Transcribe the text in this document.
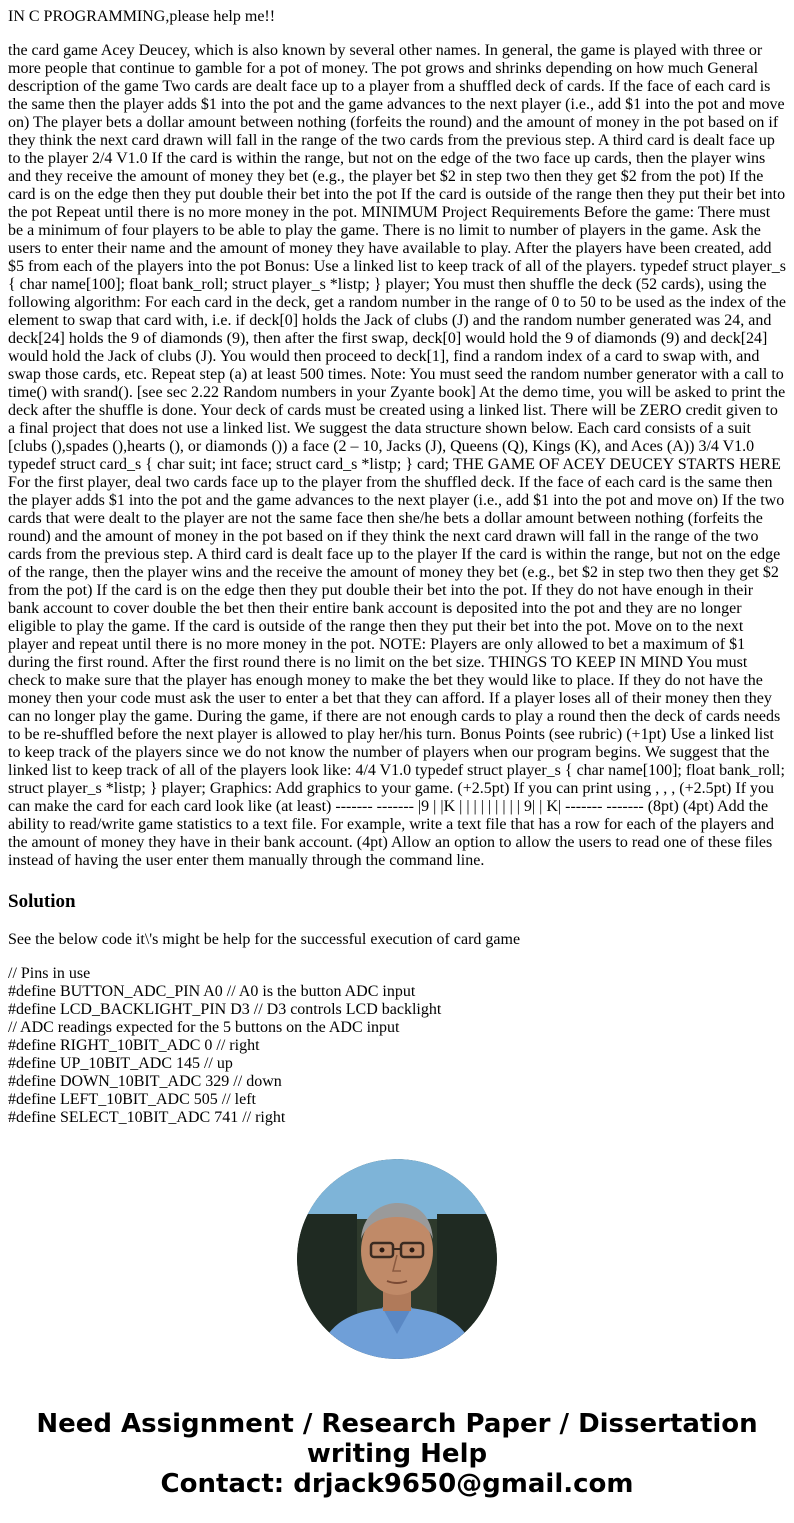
IN C PROGRAMMING,please help me!!

the card game Acey Deucey, which is also known by several other names. In general, the game is played with three or more people that continue to gamble for a pot of money. The pot grows and shrinks depending on how much General description of the game Two cards are dealt face up to a player from a shuffled deck of cards. If the face of each card is the same then the player adds $1 into the pot and the game advances to the next player (i.e., add $1 into the pot and move on) The player bets a dollar amount between nothing (forfeits the round) and the amount of money in the pot based on if they think the next card drawn will fall in the range of the two cards from the previous step. A third card is dealt face up to the player 2/4 V1.0 If the card is within the range, but not on the edge of the two face up cards, then the player wins and they receive the amount of money they bet (e.g., the player bet $2 in step two then they get $2 from the pot) If the card is on the edge then they put double their bet into the pot If the card is outside of the range then they put their bet into the pot Repeat until there is no more money in the pot. MINIMUM Project Requirements Before the game: There must be a minimum of four players to be able to play the game. There is no limit to number of players in the game. Ask the users to enter their name and the amount of money they have available to play. After the players have been created, add $5 from each of the players into the pot Bonus: Use a linked list to keep track of all of the players. typedef struct player_s { char name[100]; float bank_roll; struct player_s *listp; } player; You must then shuffle the deck (52 cards), using the following algorithm: For each card in the deck, get a random number in the range of 0 to 50 to be used as the index of the element to swap that card with, i.e. if deck[0] holds the Jack of clubs (J) and the random number generated was 24, and deck[24] holds the 9 of diamonds (9), then after the first swap, deck[0] would hold the 9 of diamonds (9) and deck[24] would hold the Jack of clubs (J). You would then proceed to deck[1], find a random index of a card to swap with, and swap those cards, etc. Repeat step (a) at least 500 times. Note: You must seed the random number generator with a call to time() with srand(). [see sec 2.22 Random numbers in your Zyante book] At the demo time, you will be asked to print the deck after the shuffle is done. Your deck of cards must be created using a linked list. There will be ZERO credit given to a final project that does not use a linked list. We suggest the data structure shown below. Each card consists of a suit [clubs (),spades (),hearts (), or diamonds ()) a face (2 – 10, Jacks (J), Queens (Q), Kings (K), and Aces (A)) 3/4 V1.0 typedef struct card_s { char suit; int face; struct card_s *listp; } card; THE GAME OF ACEY DEUCEY STARTS HERE For the first player, deal two cards face up to the player from the shuffled deck. If the face of each card is the same then the player adds $1 into the pot and the game advances to the next player (i.e., add $1 into the pot and move on) If the two cards that were dealt to the player are not the same face then she/he bets a dollar amount between nothing (forfeits the round) and the amount of money in the pot based on if they think the next card drawn will fall in the range of the two cards from the previous step. A third card is dealt face up to the player If the card is within the range, but not on the edge of the range, then the player wins and the receive the amount of money they bet (e.g., bet $2 in step two then they get $2 from the pot) If the card is on the edge then they put double their bet into the pot. If they do not have enough in their bank account to cover double the bet then their entire bank account is deposited into the pot and they are no longer eligible to play the game. If the card is outside of the range then they put their bet into the pot. Move on to the next player and repeat until there is no more money in the pot. NOTE: Players are only allowed to bet a maximum of $1 during the first round. After the first round there is no limit on the bet size. THINGS TO KEEP IN MIND You must check to make sure that the player has enough money to make the bet they would like to place. If they do not have the money then your code must ask the user to enter a bet that they can afford. If a player loses all of their money then they can no longer play the game. During the game, if there are not enough cards to play a round then the deck of cards needs to be re-shuffled before the next player is allowed to play her/his turn. Bonus Points (see rubric) (+1pt) Use a linked list to keep track of the players since we do not know the number of players when our program begins. We suggest that the linked list to keep track of all of the players look like: 4/4 V1.0 typedef struct player_s { char name[100]; float bank_roll; struct player_s *listp; } player; Graphics: Add graphics to your game. (+2.5pt) If you can print using , , , (+2.5pt) If you can make the card for each card look like (at least) ------- ------- |9 | |K | | | | | | | | | 9| | K| ------- ------- (8pt) (4pt) Add the ability to read/write game statistics to a text file. For example, write a text file that has a row for each of the players and the amount of money they have in their bank account. (4pt) Allow an option to allow the users to read one of these files instead of having the user enter them manually through the command line.

Solution

See the below code it\'s might be help for the successful execution of card game

// Pins in use
#define BUTTON_ADC_PIN A0 // A0 is the button ADC input
#define LCD_BACKLIGHT_PIN D3 // D3 controls LCD backlight
// ADC readings expected for the 5 buttons on the ADC input
#define RIGHT_10BIT_ADC 0 // right
#define UP_10BIT_ADC 145 // up
#define DOWN_10BIT_ADC 329 // down
#define LEFT_10BIT_ADC 505 // left
#define SELECT_10BIT_ADC 741 // right
Need Assignment / Research Paper / Dissertation writing Help
Contact: drjack9650@gmail.com
